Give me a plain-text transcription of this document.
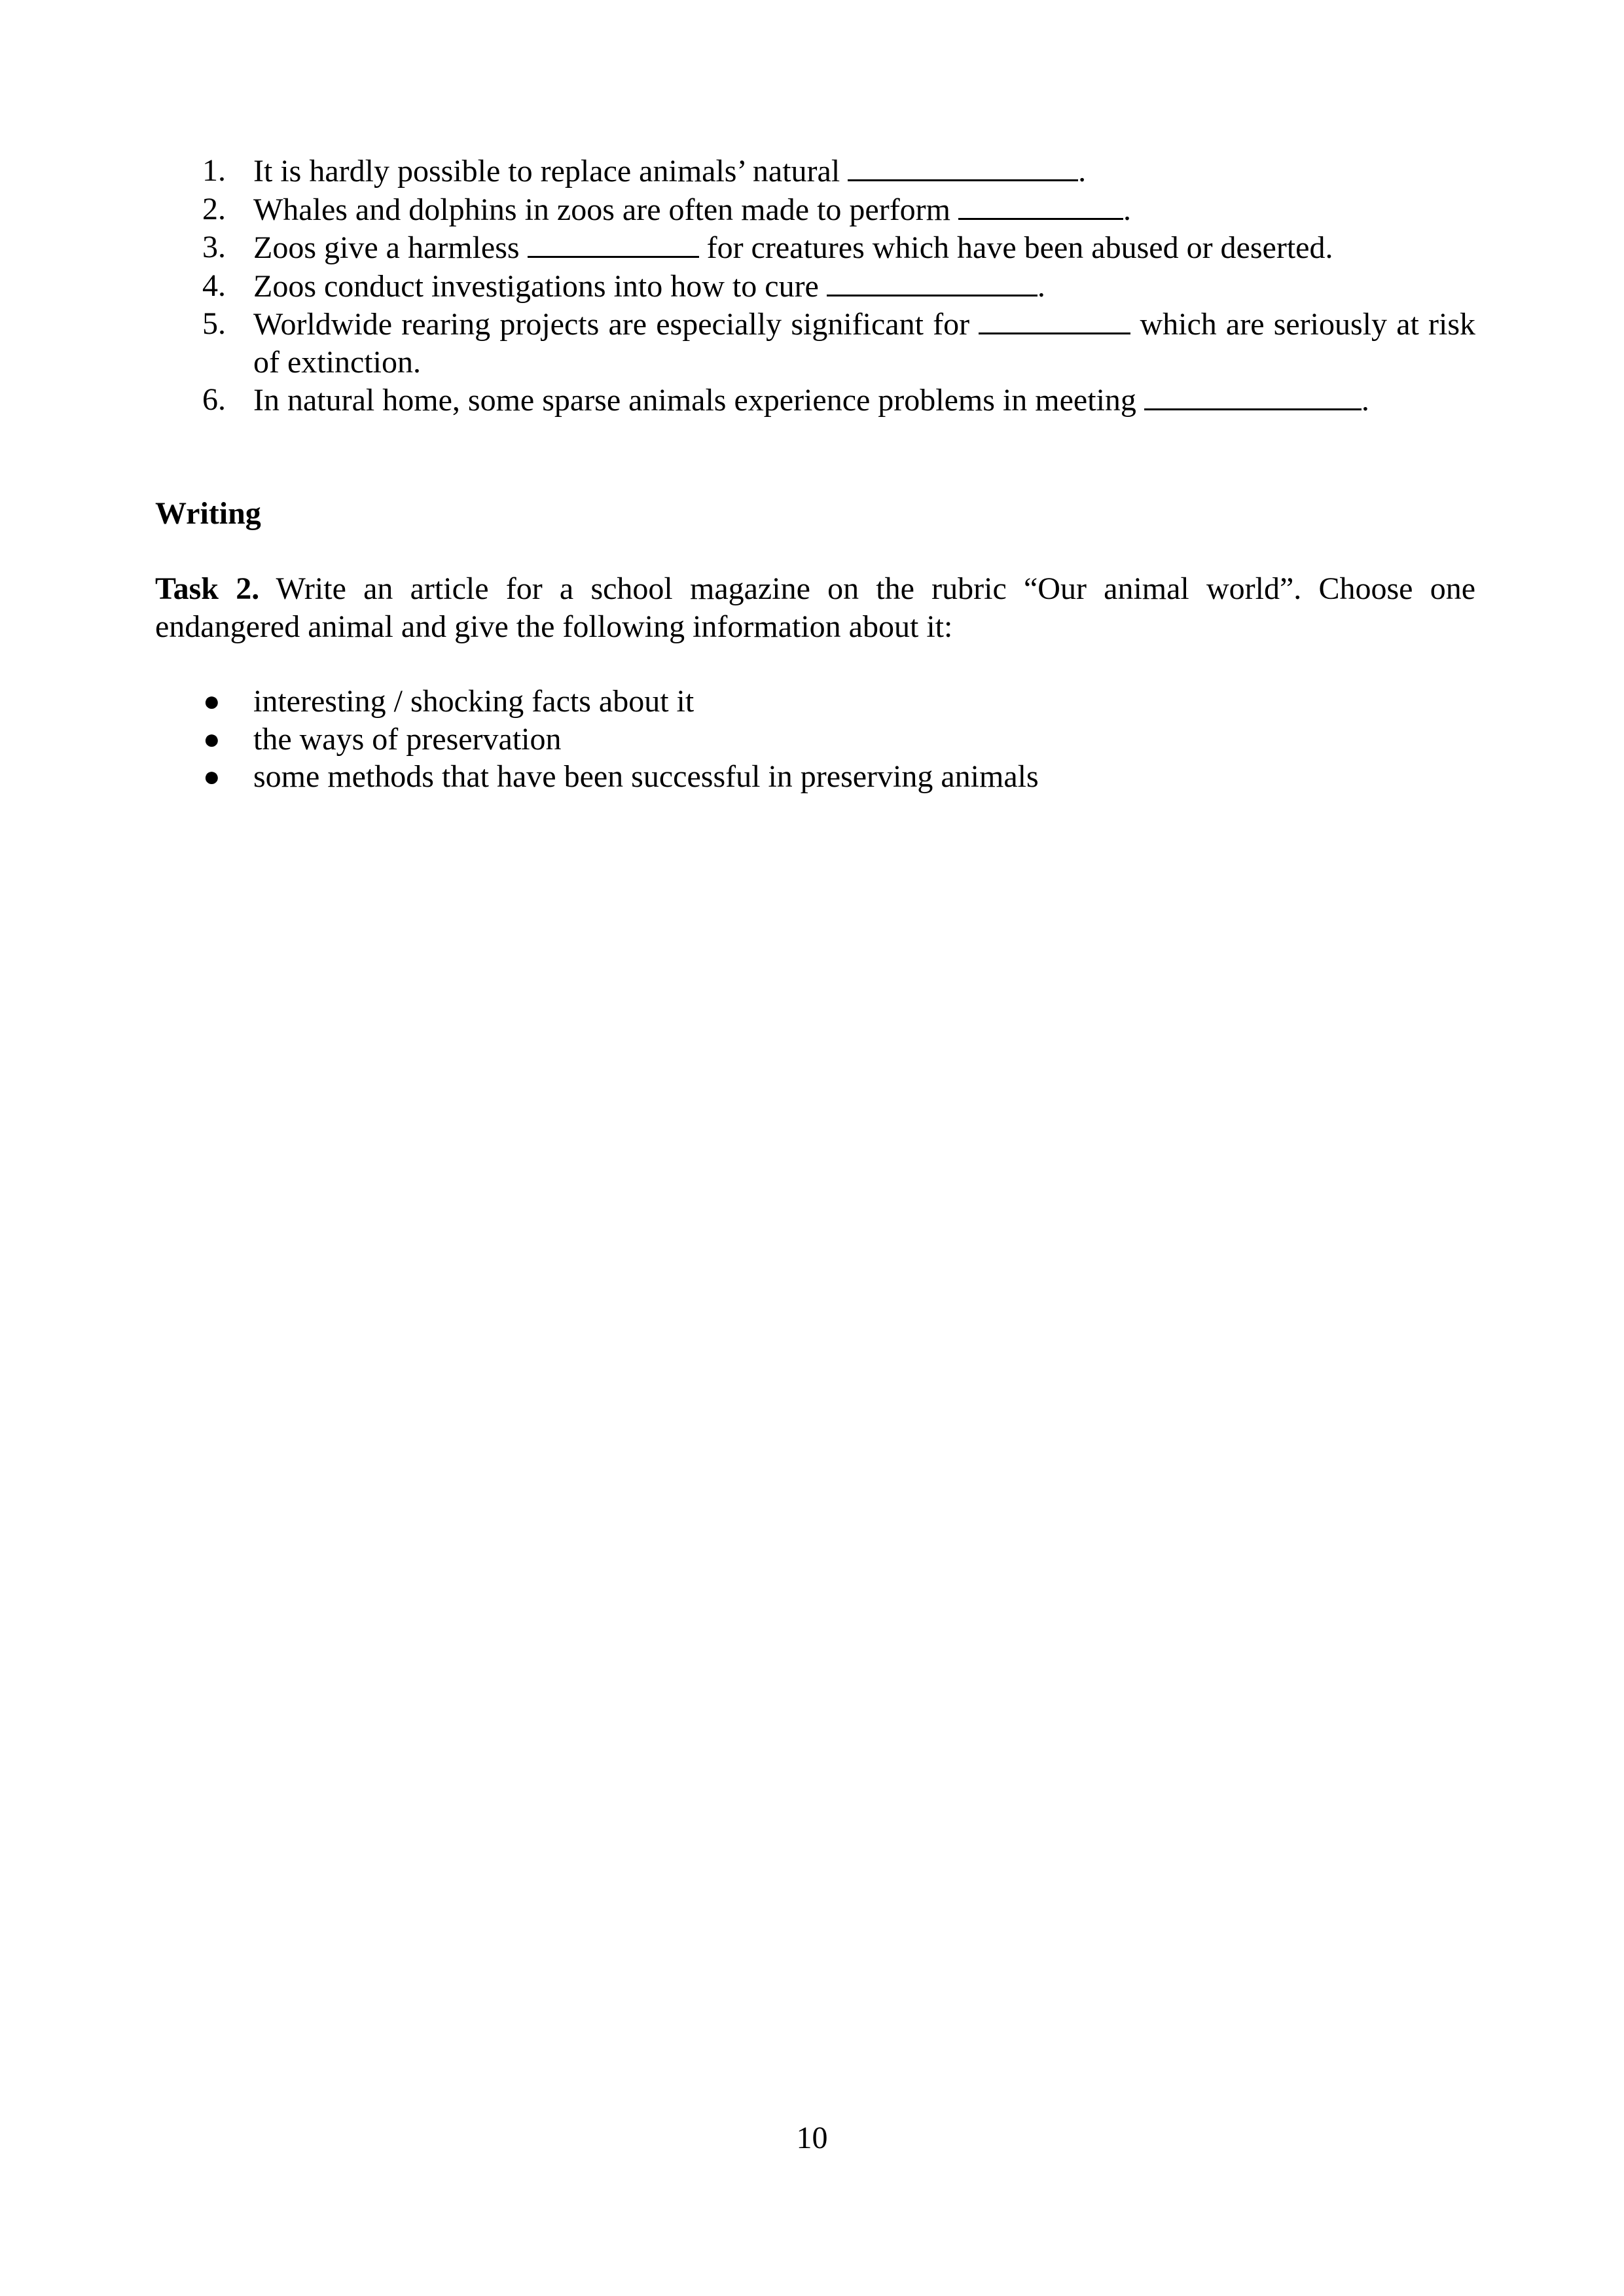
1. It is hardly possible to replace animals’ natural	.
2. Whales and dolphins in zoos are often made to perform	.
3. Zoos give a harmless	for creatures which have been abused or deserted.
4. Zoos conduct investigations into how to cure	.
5. Worldwide rearing projects are especially significant for	which are seriously at risk of extinction.
6. In natural home, some sparse animals experience problems in meeting	.
Writing
Task 2. Write an article for a school magazine on the rubric “Our animal world”. Choose one
endangered animal and give the following information about it:
● interesting / shocking facts about it
● the ways of preservation
● some methods that have been successful in preserving animals
10
